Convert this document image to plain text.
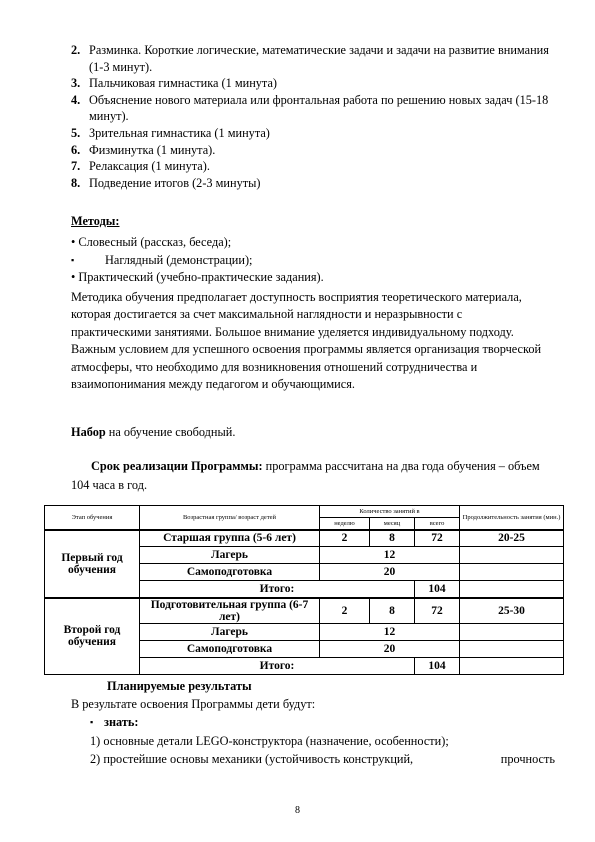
2. Разминка. Короткие логические, математические задачи и задачи на развитие внимания (1-3 минут).
3. Пальчиковая гимнастика (1 минута)
4. Объяснение нового материала или фронтальная работа по решению новых задач (15-18 минут).
5. Зрительная гимнастика (1 минута)
6. Физминутка (1 минута).
7. Релаксация (1 минута).
8. Подведение итогов (2-3 минуты)
Методы:
• Словесный (рассказ, беседа);
▪	Наглядный (демонстрации);
• Практический (учебно-практические задания).

Методика обучения предполагает доступность восприятия теоретического материала, которая достигается за счет максимальной наглядности и неразрывности с практическими занятиями. Большое внимание уделяется индивидуальному подходу. Важным условием для успешного освоения программы является организация творческой атмосферы, что необходимо для возникновения отношений сотрудничества и взаимопонимания между педагогом и обучающимися.

Набор на обучение свободный.

Срок реализации Программы: программа рассчитана на два года обучения – объем 104 часа в год.

Этап обучения	Возрастная группа/ возраст детей	Количество занятий в			Продолжительность занятия (мин.)
		неделю	месяц	всего	
Первый год обучения	Старшая группа (5-6 лет)	2	8	72	20-25
	Лагерь	12			
	Самоподготовка	20			
	Итого:			104	
Второй год обучения	Подготовительная группа (6-7 лет)	2	8	72	25-30
	Лагерь	12			
	Самоподготовка	20			
	Итого:			104	
Планируемые результаты
В результате освоения Программы дети будут:
▪ знать:
1) основные детали LEGO-конструктора (назначение, особенности);
2) простейшие основы механики (устойчивость конструкций,	прочность
8
